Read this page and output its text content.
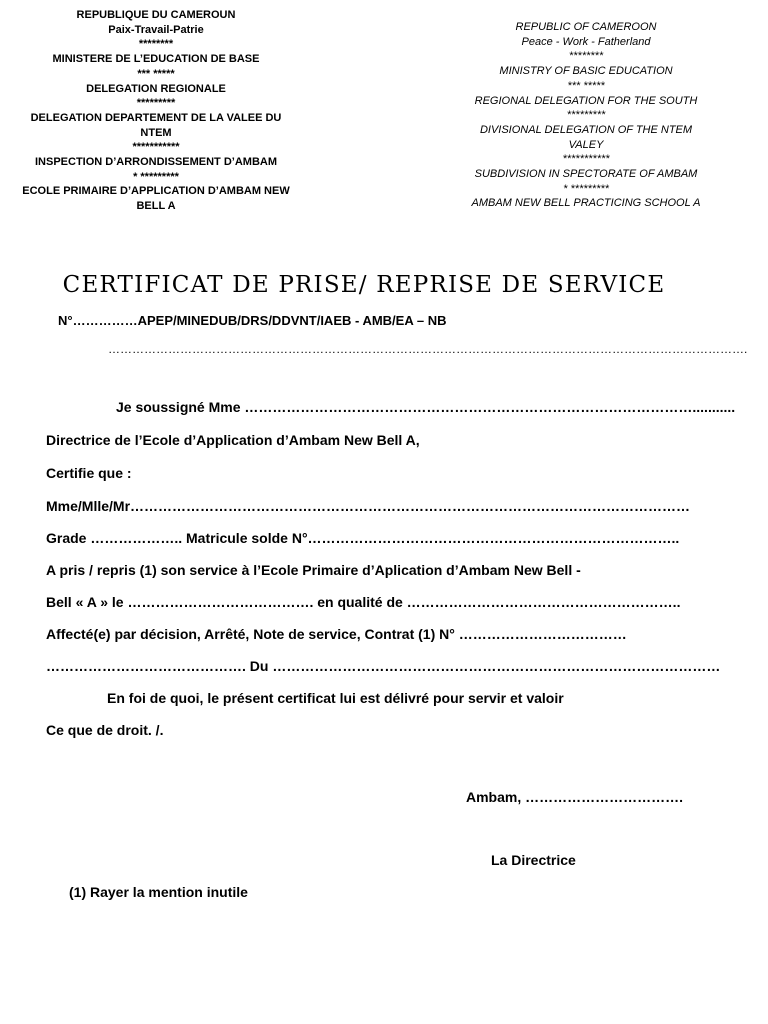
REPUBLIQUE DU CAMEROUN
Paix-Travail-Patrie
********
MINISTERE DE L’EDUCATION DE BASE
*** *****
DELEGATION REGIONALE
*********
DELEGATION DEPARTEMENT DE LA VALEE DU NTEM
***********
INSPECTION D’ARRONDISSEMENT D’AMBAM
* *********
ECOLE PRIMAIRE D’APPLICATION D’AMBAM NEW BELL A
REPUBLIC OF CAMEROON
Peace - Work - Fatherland
********
MINISTRY OF BASIC EDUCATION
*** *****
REGIONAL DELEGATION FOR THE SOUTH
*********
DIVISIONAL DELEGATION OF THE NTEM VALEY
***********
SUBDIVISION IN SPECTORATE OF AMBAM
* *********
AMBAM NEW BELL PRACTICING SCHOOL A
CERTIFICAT DE PRISE/ REPRISE DE SERVICE
N°……………APEP/MINEDUB/DRS/DDVNT/IAEB - AMB/EA – NB
…………………………………………………………………………………………………………………………………………….
Je soussigné Mme ……………………………………………………………………………………...........
Directrice de l’Ecole d’Application d’Ambam New Bell A,
Certifie que :
Mme/Mlle/Mr…………………………………………………………………………………………………………
Grade ……………….. Matricule solde N°……………………………………………………………………..
A pris / repris (1) son service à l’Ecole Primaire d’Aplication d’Ambam New Bell -
Bell « A » le …………………………………. en qualité de …………………………………………………..
Affecté(e) par décision, Arrêté, Note de service, Contrat (1) N° ………………………………
……………………………………. Du ……………………………………………………………………………………
En foi de quoi, le présent certificat lui est délivré pour servir et valoir
Ce que de droit. /.
Ambam, …………………………….
La Directrice
(1) Rayer la mention inutile
